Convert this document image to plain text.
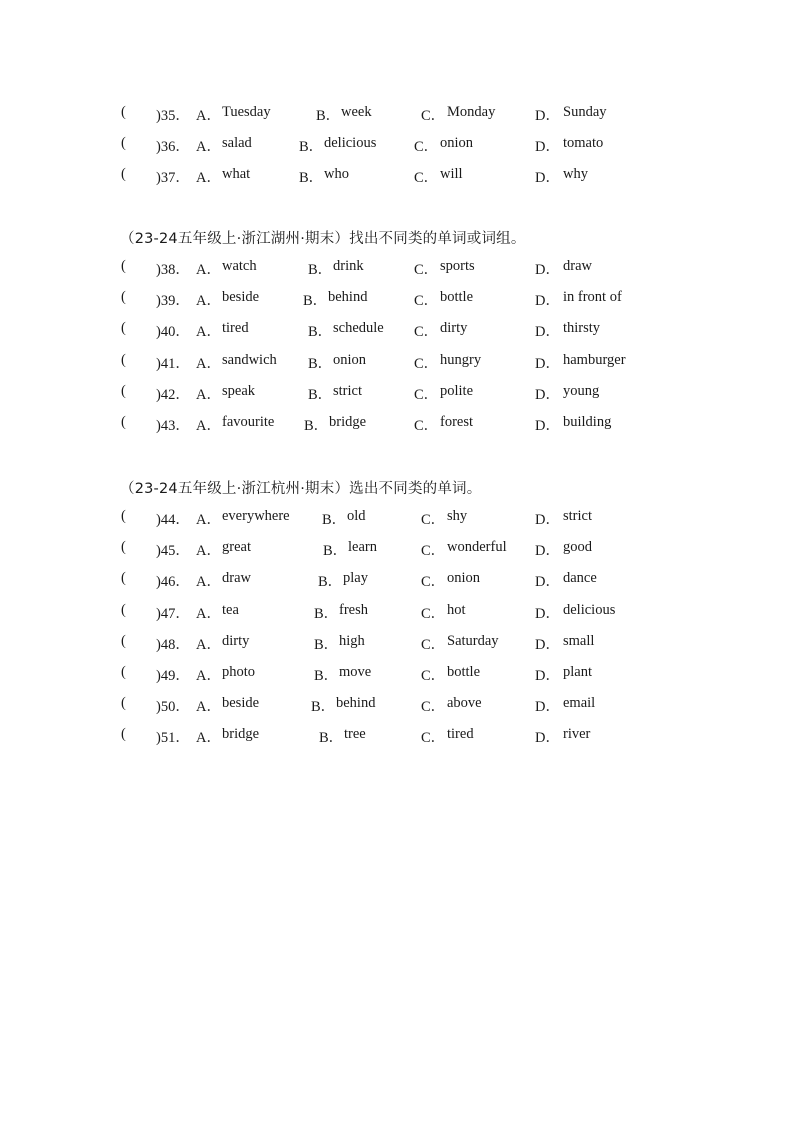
( )35． A． Tuesday	B． week	C． Monday	D． Sunday
( )36． A． salad	B． delicious	C． onion	D． tomato
( )37． A． what	B． who	C． will	D． why
（23-24五年级上·浙江湖州·期末）找出不同类的单词或词组。
( )38． A． watch	B． drink	C． sports	D． draw
( )39． A． beside	B． behind	C． bottle	D． in front of
( )40． A． tired	B． schedule C． dirty	D． thirsty
( )41． A． sandwich B． onion	C． hungry	D． hamburger
( )42． A． speak	B． strict	C． polite	D． young
( )43． A． favourite B． bridge	C． forest	D． building
（23-24五年级上·浙江杭州·期末）选出不同类的单词。
( )44． A． everywhere B． old	C． shy	D． strict
( )45． A． great	B． learn	C． wonderful D． good
( )46． A． draw	B． play	C． onion	D． dance
( )47． A． tea	B． fresh	C． hot	D． delicious
( )48． A． dirty	B． high	C． Saturday	D． small
( )49． A． photo	B． move	C． bottle	D． plant
( )50． A． beside	B． behind	C． above	D． email
( )51． A． bridge	B． tree	C． tired	D． river
